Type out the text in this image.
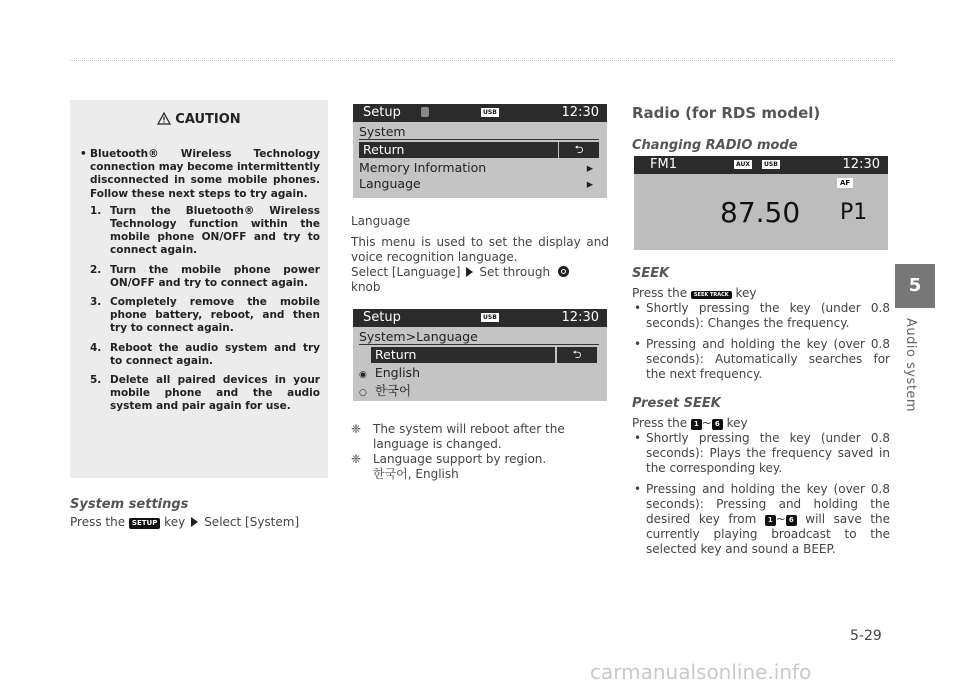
CAUTION
• Bluetooth® Wireless Technology connection may become intermittently disconnected in some mobile phones. Follow these next steps to try again.

1. Turn the Bluetooth® Wireless Technology function within the mobile phone ON/OFF and try to connect again.
2. Turn the mobile phone power ON/OFF and try to connect again.
3. Completely remove the mobile phone battery, reboot, and then try to connect again.
4. Reboot the audio system and try to connect again.
5. Delete all paired devices in your mobile phone and the audio system and pair again for use.
System settings
Press the SETUP key Select [System]
Setup	USB	12:30
System
Return	⮌
Memory Information	▸
Language	▸

Language

This menu is used to set the display and voice recognition language.

Select [Language] Set through
knob

Setup	USB	12:30
System>Language
Return	⮌
◉ English
○ 한국어
❈ The system will reboot after the language is changed.
❈ Language support by region.
한국어, English
Radio (for RDS model)
Changing RADIO mode
FM1	AUX	USB	12:30
AF
87.50 P1
SEEK
Press the SEEK TRACK key
• Shortly pressing the key (under 0.8 seconds): Changes the frequency.
• Pressing and holding the key (over 0.8 seconds): Automatically searches for the next frequency.
Preset SEEK
Press the 1 ~ 6 key
• Shortly pressing the key (under 0.8 seconds): Plays the frequency saved in the corresponding key.
• Pressing and holding the key (over 0.8 seconds): Pressing and holding the desired key from 1 ~ 6 will save the currently playing broadcast to the selected key and sound a BEEP.
5
Audio system
5-29
carmanualsonline.info
